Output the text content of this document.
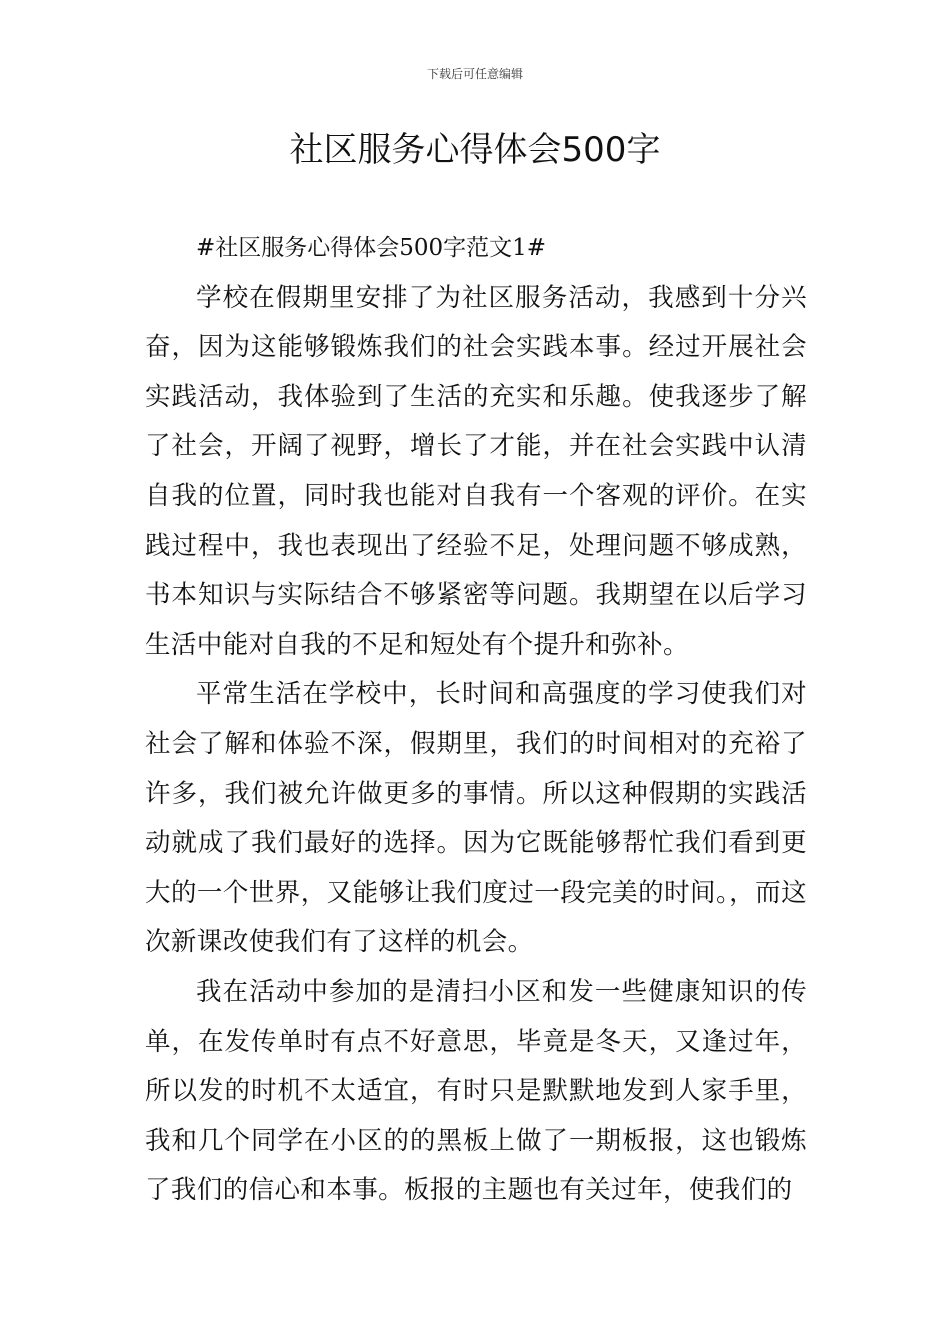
下载后可任意编辑
社区服务心得体会500字

#社区服务心得体会500字范文1#

学校在假期里安排了为社区服务活动，我感到十分兴奋，因为这能够锻炼我们的社会实践本事。经过开展社会实践活动，我体验到了生活的充实和乐趣。使我逐步了解了社会，开阔了视野，增长了才能，并在社会实践中认清自我的位置，同时我也能对自我有一个客观的评价。在实践过程中，我也表现出了经验不足，处理问题不够成熟，书本知识与实际结合不够紧密等问题。我期望在以后学习生活中能对自我的不足和短处有个提升和弥补。

平常生活在学校中，长时间和高强度的学习使我们对社会了解和体验不深，假期里，我们的时间相对的充裕了许多，我们被允许做更多的事情。所以这种假期的实践活动就成了我们最好的选择。因为它既能够帮忙我们看到更大的一个世界，又能够让我们度过一段完美的时间。，而这次新课改使我们有了这样的机会。

我在活动中参加的是清扫小区和发一些健康知识的传单，在发传单时有点不好意思，毕竟是冬天，又逢过年，所以发的时机不太适宜，有时只是默默地发到人家手里，我和几个同学在小区的的黑板上做了一期板报，这也锻炼了我们的信心和本事。板报的主题也有关过年，使我们的
